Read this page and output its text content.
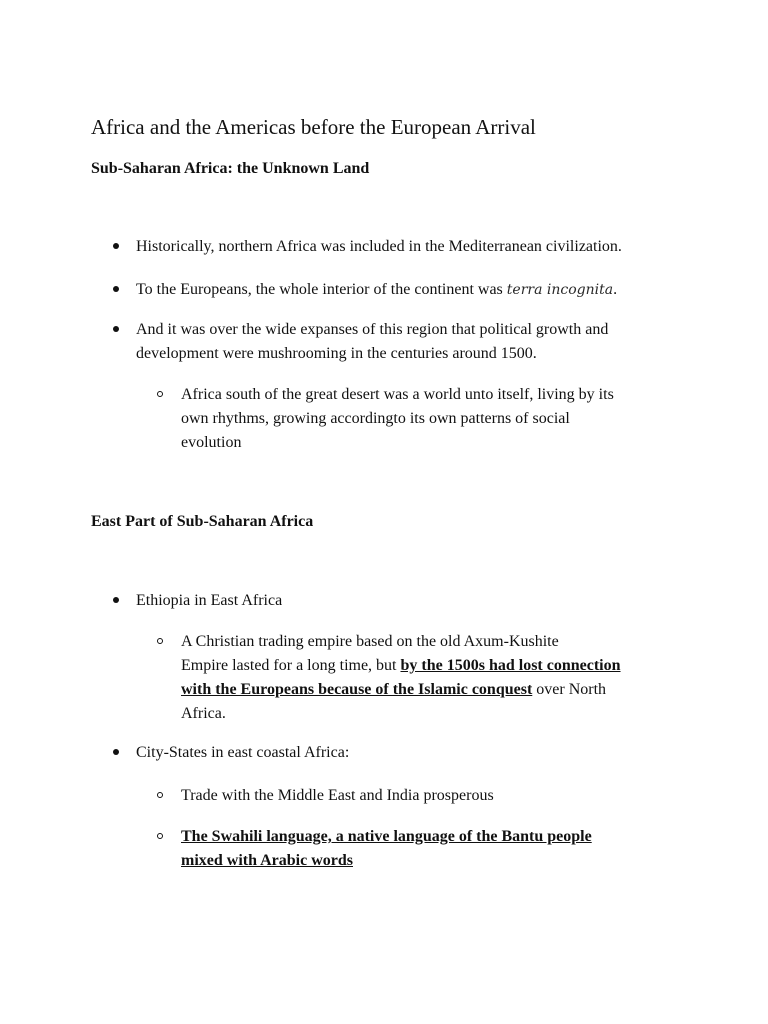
Africa and the Americas before the European Arrival
Sub-Saharan Africa: the Unknown Land
Historically, northern Africa was included in the Mediterranean civilization.
To the Europeans, the whole interior of the continent was terra incognita.
And it was over the wide expanses of this region that political growth and
development were mushrooming in the centuries around 1500.
Africa south of the great desert was a world unto itself, living by its
own rhythms, growing accordingto its own patterns of social
evolution
East Part of Sub-Saharan Africa
Ethiopia in East Africa
A Christian trading empire based on the old Axum-Kushite
Empire lasted for a long time, but by the 1500s had lost connection
with the Europeans because of the Islamic conquest over North
Africa.
City-States in east coastal Africa:
Trade with the Middle East and India prosperous
The Swahili language, a native language of the Bantu people
mixed with Arabic words
